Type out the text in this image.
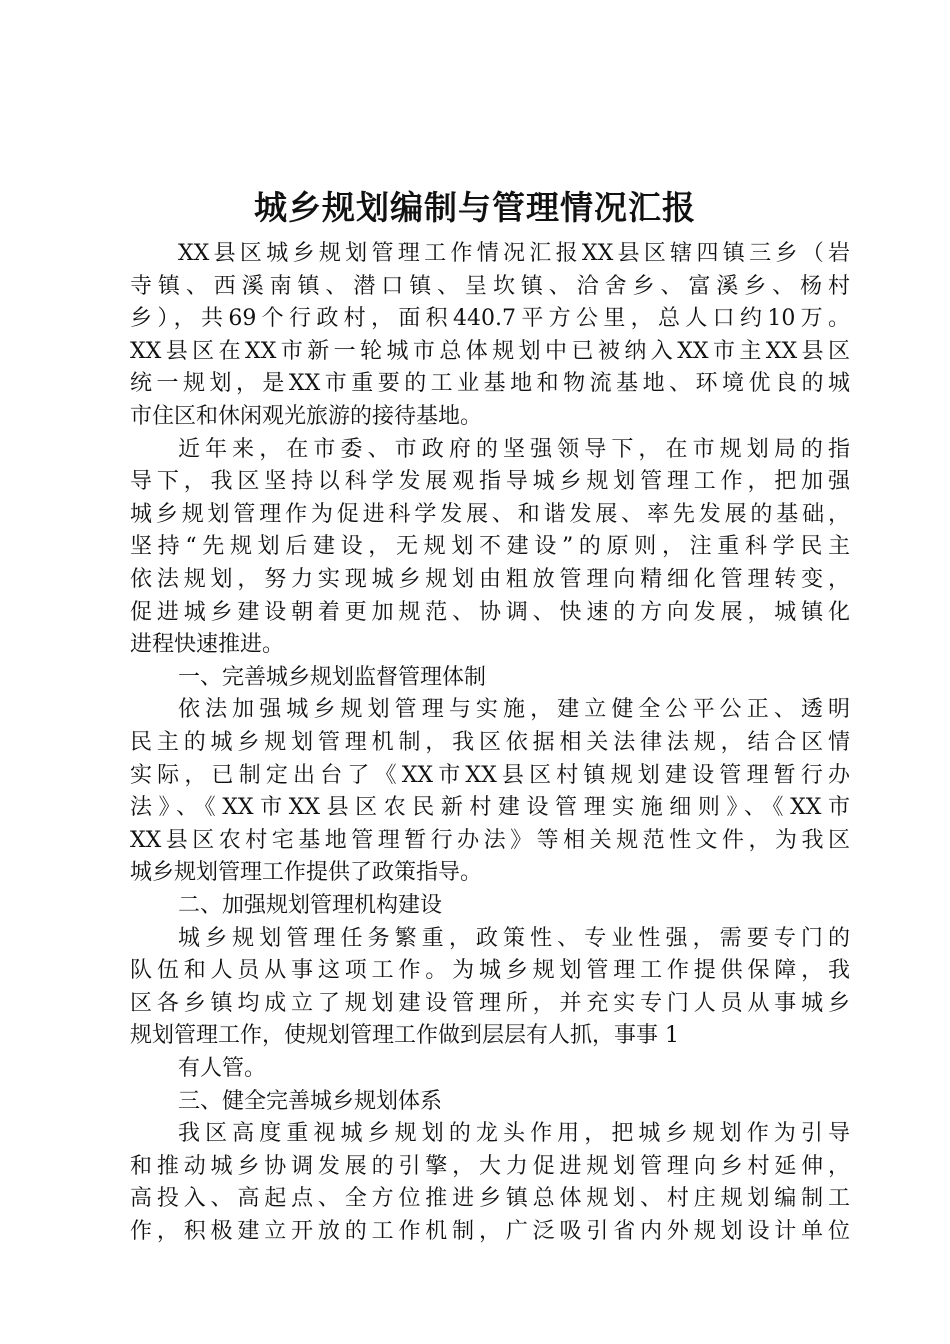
城乡规划编制与管理情况汇报
XX县区城乡规划管理工作情况汇报XX县区辖四镇三乡（岩
寺镇、西溪南镇、潜口镇、呈坎镇、洽舍乡、富溪乡、杨村
乡），共69个行政村，面积440.7平方公里，总人口约10万。
XX县区在XX市新一轮城市总体规划中已被纳入XX市主XX县区
统一规划，是XX市重要的工业基地和物流基地、环境优良的城
市住区和休闲观光旅游的接待基地。
近年来，在市委、市政府的坚强领导下，在市规划局的指
导下，我区坚持以科学发展观指导城乡规划管理工作，把加强
城乡规划管理作为促进科学发展、和谐发展、率先发展的基础，
坚持“先规划后建设，无规划不建设”的原则，注重科学民主
依法规划，努力实现城乡规划由粗放管理向精细化管理转变，
促进城乡建设朝着更加规范、协调、快速的方向发展，城镇化
进程快速推进。
一、完善城乡规划监督管理体制
依法加强城乡规划管理与实施，建立健全公平公正、透明
民主的城乡规划管理机制，我区依据相关法律法规，结合区情
实际，已制定出台了《XX市XX县区村镇规划建设管理暂行办
法》、《XX市XX县区农民新村建设管理实施细则》、《XX市
XX县区农村宅基地管理暂行办法》等相关规范性文件，为我区
城乡规划管理工作提供了政策指导。
二、加强规划管理机构建设
城乡规划管理任务繁重，政策性、专业性强，需要专门的
队伍和人员从事这项工作。为城乡规划管理工作提供保障，我
区各乡镇均成立了规划建设管理所，并充实专门人员从事城乡
规划管理工作，使规划管理工作做到层层有人抓，事事 1
有人管。
三、健全完善城乡规划体系
我区高度重视城乡规划的龙头作用，把城乡规划作为引导
和推动城乡协调发展的引擎，大力促进规划管理向乡村延伸，
高投入、高起点、全方位推进乡镇总体规划、村庄规划编制工
作，积极建立开放的工作机制，广泛吸引省内外规划设计单位
